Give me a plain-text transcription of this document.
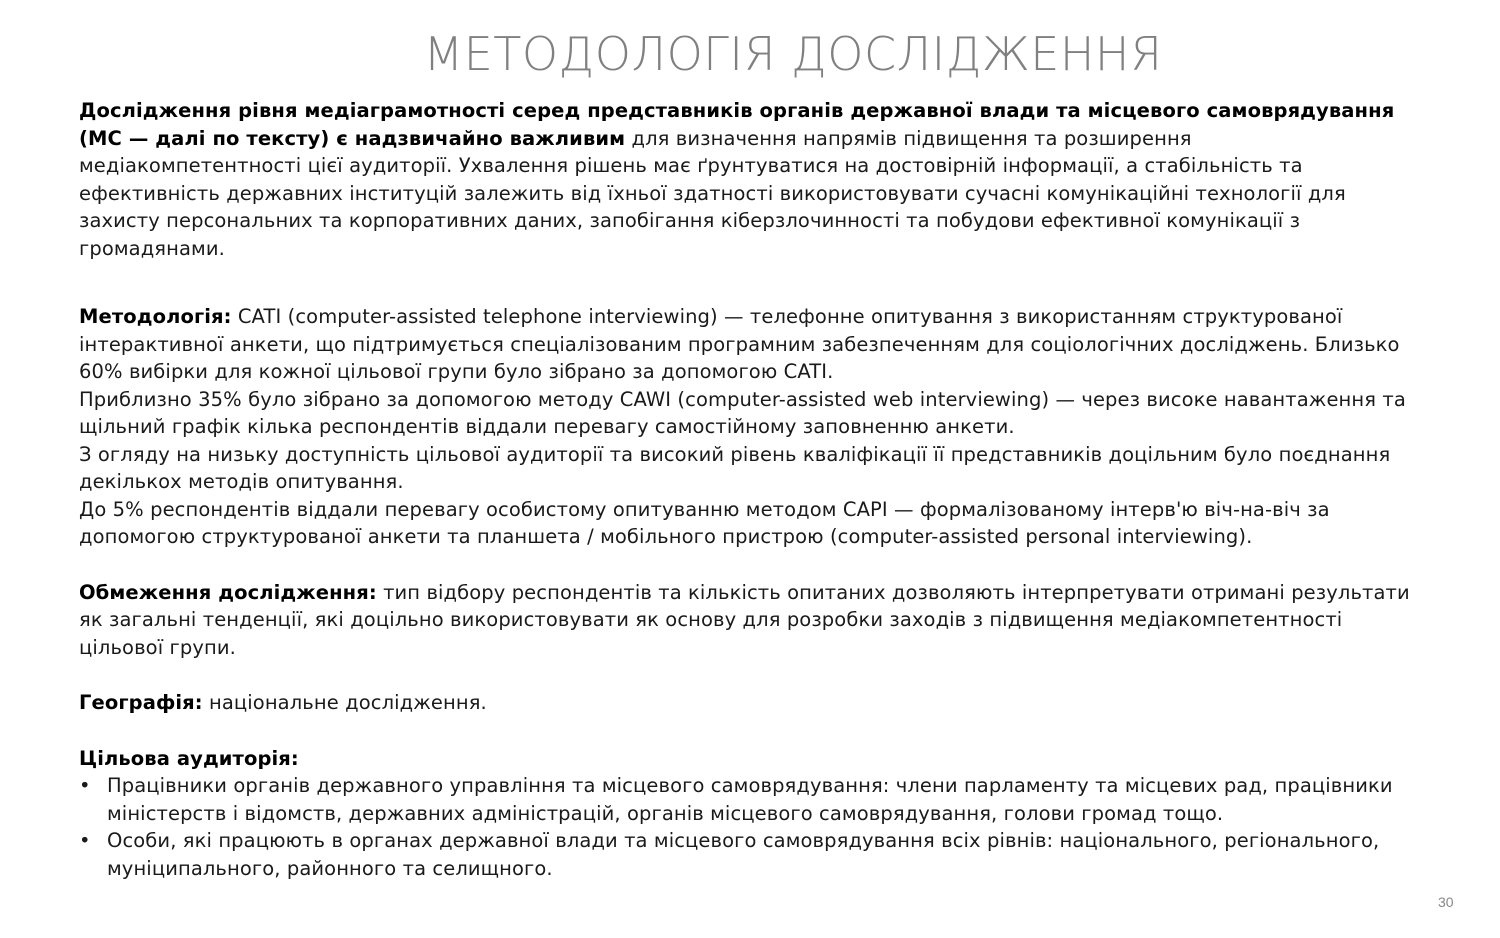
МЕТОДОЛОГІЯ ДОСЛІДЖЕННЯ

Дослідження рівня медіаграмотності серед представників органів державної влади та місцевого самоврядування (МС — далі по тексту) є надзвичайно важливим для визначення напрямів підвищення та розширення медіакомпетентності цієї аудиторії. Ухвалення рішень має ґрунтуватися на достовірній інформації, а стабільність та ефективність державних інституцій залежить від їхньої здатності використовувати сучасні комунікаційні технології для захисту персональних та корпоративних даних, запобігання кіберзлочинності та побудови ефективної комунікації з громадянами.

Методологія: CATI (computer-assisted telephone interviewing) — телефонне опитування з використанням структурованої інтерактивної анкети, що підтримується спеціалізованим програмним забезпеченням для соціологічних досліджень. Близько 60% вибірки для кожної цільової групи було зібрано за допомогою CATI.

Приблизно 35% було зібрано за допомогою методу CAWI (computer-assisted web interviewing) — через високе навантаження та щільний графік кілька респондентів віддали перевагу самостійному заповненню анкети.

З огляду на низьку доступність цільової аудиторії та високий рівень кваліфікації її представників доцільним було поєднання декількох методів опитування.

До 5% респондентів віддали перевагу особистому опитуванню методом CAPI — формалізованому інтерв'ю віч-на-віч за допомогою структурованої анкети та планшета / мобільного пристрою (computer-assisted personal interviewing).

Обмеження дослідження: тип відбору респондентів та кількість опитаних дозволяють інтерпретувати отримані результати як загальні тенденції, які доцільно використовувати як основу для розробки заходів з підвищення медіакомпетентності цільової групи.

Географія: національне дослідження.

Цільова аудиторія:

• Працівники органів державного управління та місцевого самоврядування: члени парламенту та місцевих рад, працівники міністерств і відомств, державних адміністрацій, органів місцевого самоврядування, голови громад тощо.
• Особи, які працюють в органах державної влади та місцевого самоврядування всіх рівнів: національного, регіонального, муніципального, районного та селищного.
30
